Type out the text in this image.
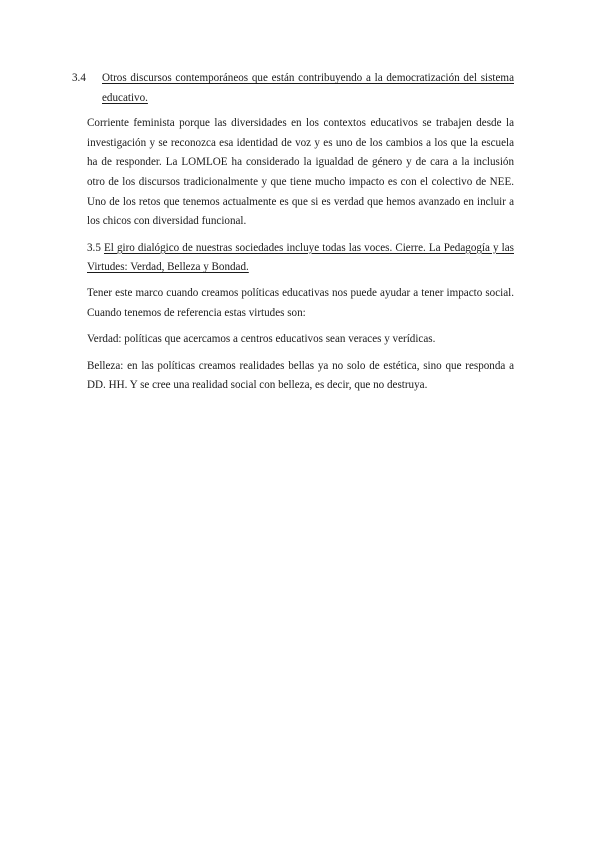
3.4 Otros discursos contemporáneos que están contribuyendo a la democratización del sistema educativo.

Corriente feminista porque las diversidades en los contextos educativos se trabajen desde la investigación y se reconozca esa identidad de voz y es uno de los cambios a los que la escuela ha de responder. La LOMLOE ha considerado la igualdad de género y de cara a la inclusión otro de los discursos tradicionalmente y que tiene mucho impacto es con el colectivo de NEE. Uno de los retos que tenemos actualmente es que si es verdad que hemos avanzado en incluir a los chicos con diversidad funcional.

3.5 El giro dialógico de nuestras sociedades incluye todas las voces. Cierre. La Pedagogía y las Virtudes: Verdad, Belleza y Bondad.

Tener este marco cuando creamos políticas educativas nos puede ayudar a tener impacto social. Cuando tenemos de referencia estas virtudes son:

Verdad: políticas que acercamos a centros educativos sean veraces y verídicas.

Belleza: en las políticas creamos realidades bellas ya no solo de estética, sino que responda a DD. HH. Y se cree una realidad social con belleza, es decir, que no destruya.
